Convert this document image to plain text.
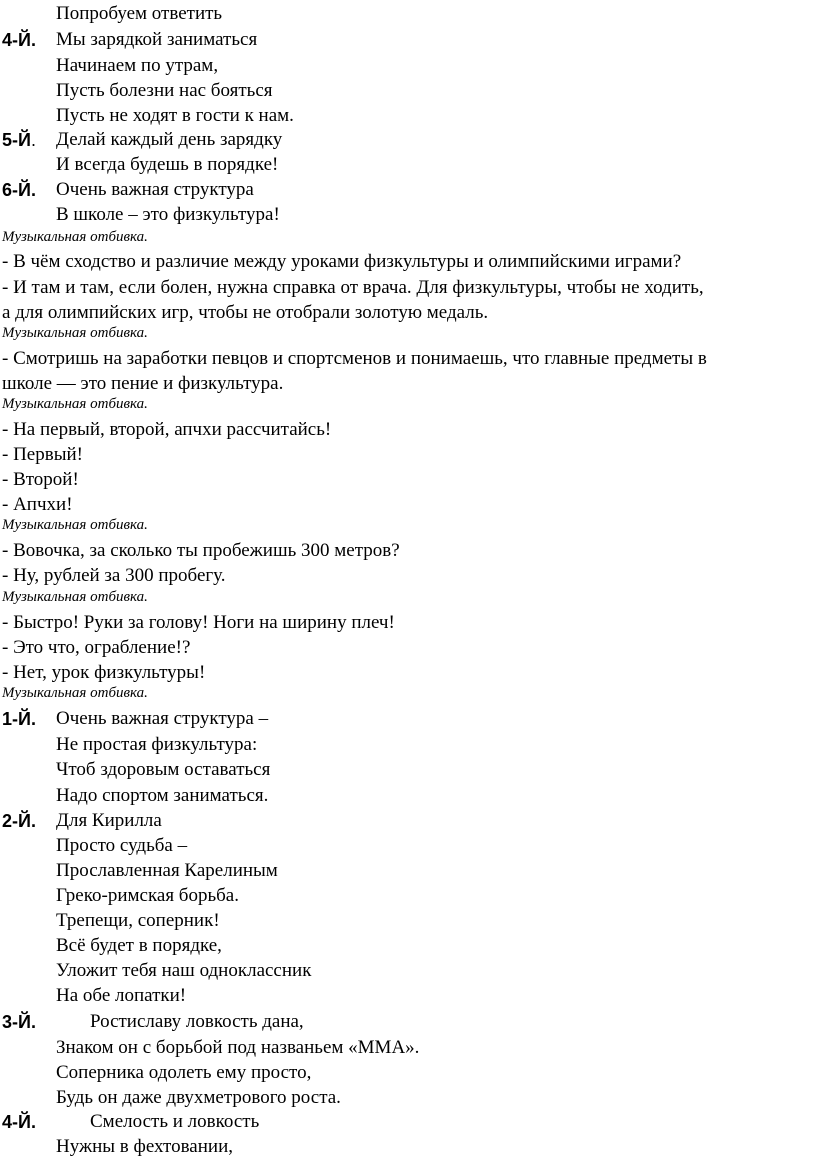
Попробуем ответить
4-Й. Мы зарядкой заниматься
Начинаем по утрам,
Пусть болезни нас бояться
Пусть не ходят в гости к нам.
5-Й. Делай каждый день зарядку
И всегда будешь в порядке!
6-Й. Очень важная структура
В школе – это физкультура!
Музыкальная отбивка.
- В чём сходство и различие между уроками физкультуры и олимпийскими играми?
- И там и там, если болен, нужна справка от врача. Для физкультуры, чтобы не ходить,
а для олимпийских игр, чтобы не отобрали золотую медаль.
Музыкальная отбивка.
- Смотришь на заработки певцов и спортсменов и понимаешь, что главные предметы в
школе — это пение и физкультура.
Музыкальная отбивка.
- На первый, второй, апчхи рассчитайсь!
- Первый!
- Второй!
- Апчхи!
Музыкальная отбивка.
- Вовочка, за сколько ты пробежишь 300 метров?
- Ну, рублей за 300 пробегу.
Музыкальная отбивка.
- Быстро! Руки за голову! Ноги на ширину плеч!
- Это что, ограбление!?
- Нет, урок физкультуры!
Музыкальная отбивка.
1-Й. Очень важная структура –
Не простая физкультура:
Чтоб здоровым оставаться
Надо спортом заниматься.
2-Й. Для Кирилла
Просто судьба –
Прославленная Карелиным
Греко-римская борьба.
Трепещи, соперник!
Всё будет в порядке,
Уложит тебя наш одноклассник
На обе лопатки!
3-Й.	Ростиславу ловкость дана,
Знаком он с борьбой под названьем «ММА».
Соперника одолеть ему просто,
Будь он даже двухметрового роста.
4-Й.	Смелость и ловкость
Нужны в фехтовании,
